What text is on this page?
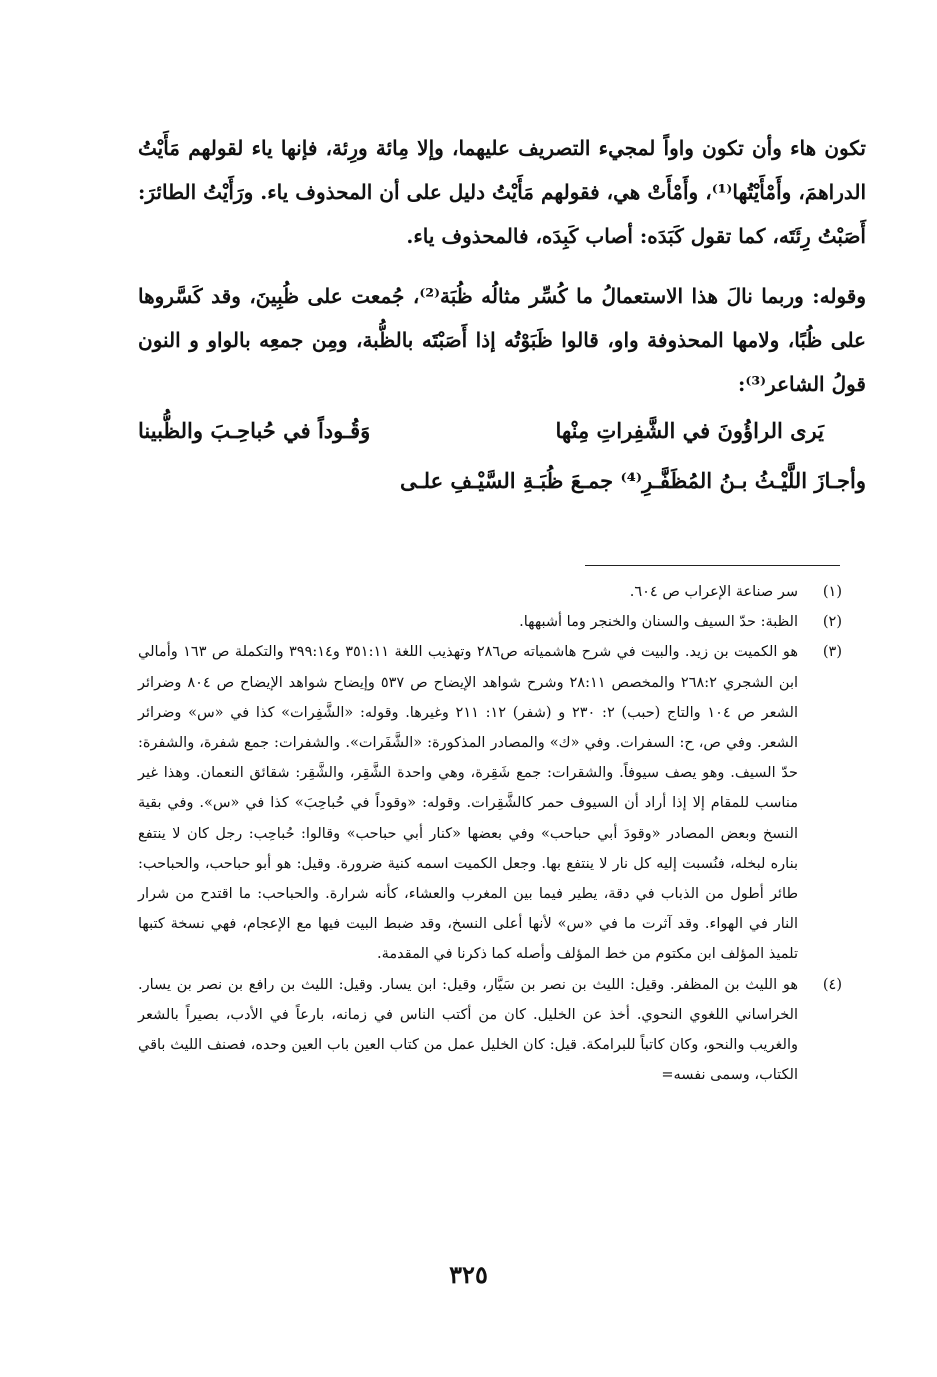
تكون هاء وأن تكون واواً لمجيء التصريف عليهما، وإلا مِائة ورِئة، فإنها ياء لقولهم مَأَيْتُ الدراهمَ، وأَمْأَيْتُها⁽¹⁾، وأَمْأَتْ هي، فقولهم مَأَيْتُ دليل على أن المحذوف ياء. ورَأَيْتُ الطائرَ: أَصَبْتُ رِئَتَه، كما تقول كَبَدَه: أصاب كَبِدَه، فالمحذوف ياء.

وقوله: وربما نالَ هذا الاستعمالُ ما كُسِّر مثالُه ظُبَة⁽²⁾، جُمعت على ظُبِينَ، وقد كَسَّروها على ظُبًا، ولامها المحذوفة واو، قالوا ظَبَوْتُه إذا أَصَبْتَه بالظُّبة، ومِن جمعِه بالواو و النون قولُ الشاعر⁽³⁾:

يَرى الراؤُونَ في الشَّفِراتِ مِنْها
وَقُـوداً في حُباحِـبَ والظُّبينا
وأجـازَ اللَّيْـثُ بـنُ المُظَفَّـرِ⁽⁴⁾ جمـعَ ظُبَـةِ السَّيْـفِ علـى
(١)
سر صناعة الإعراب ص ٦٠٤.
(٢)
الظبة: حدّ السيف والسنان والخنجر وما أشبهها.
(٣)
هو الكميت بن زيد. والبيت في شرح هاشمياته ص٢٨٦ وتهذيب اللغة ٣٥١:١١ و٣٩٩:١٤ والتكملة ص ١٦٣ وأمالي ابن الشجري ٢٦٨:٢ والمخصص ٢٨:١١ وشرح شواهد الإيضاح ص ٥٣٧ وإيضاح شواهد الإيضاح ص ٨٠٤ وضرائر الشعر ص ١٠٤ والتاج (حبب) ٢: ٢٣٠ و (شفر) ١٢: ٢١١ وغيرها. وقوله: «الشَّفِرات» كذا في «س» وضرائر الشعر. وفي ص، ح: السفرات. وفي «ك» والمصادر المذكورة: «الشَّفَرات». والشفرات: جمع شفرة، والشفرة: حدّ السيف. وهو يصف سيوفاً. والشقرات: جمع شَقِرة، وهي واحدة الشَّقِر، والشَّقِر: شقائق النعمان. وهذا غير مناسب للمقام إلا إذا أراد أن السيوف حمر كالشَّقِرات. وقوله: «وقوداً في حُباحِبَ» كذا في «س». وفي بقية النسخ وبعض المصادر «وقودَ أبي حباحب» وفي بعضها «كنار أبي حباحب» وقالوا: حُباحِب: رجل كان لا ينتفع بناره لبخله، فنُسبت إليه كل نار لا ينتفع بها. وجعل الكميت اسمه كنية ضرورة. وقيل: هو أبو حباحب، والحباحب: طائر أطول من الذباب في دقة، يطير فيما بين المغرب والعشاء، كأنه شرارة. والحباحب: ما اقتدح من شرار النار في الهواء. وقد آثرت ما في «س» لأنها أعلى النسخ، وقد ضبط البيت فيها مع الإعجام، فهي نسخة كتبها تلميذ المؤلف ابن مكتوم من خط المؤلف وأصله كما ذكرنا في المقدمة.
(٤)
هو الليث بن المظفر. وقيل: الليث بن نصر بن سَيَّار، وقيل: ابن يسار. وقيل: الليث بن رافع بن نصر بن يسار. الخراساني اللغوي النحوي. أخذ عن الخليل. كان من أكتب الناس في زمانه، بارعاً في الأدب، بصيراً بالشعر والغريب والنحو، وكان كاتباً للبرامكة. قيل: كان الخليل عمل من كتاب العين باب العين وحده، فصنف الليث باقي الكتاب، وسمى نفسه=
٣٢٥
